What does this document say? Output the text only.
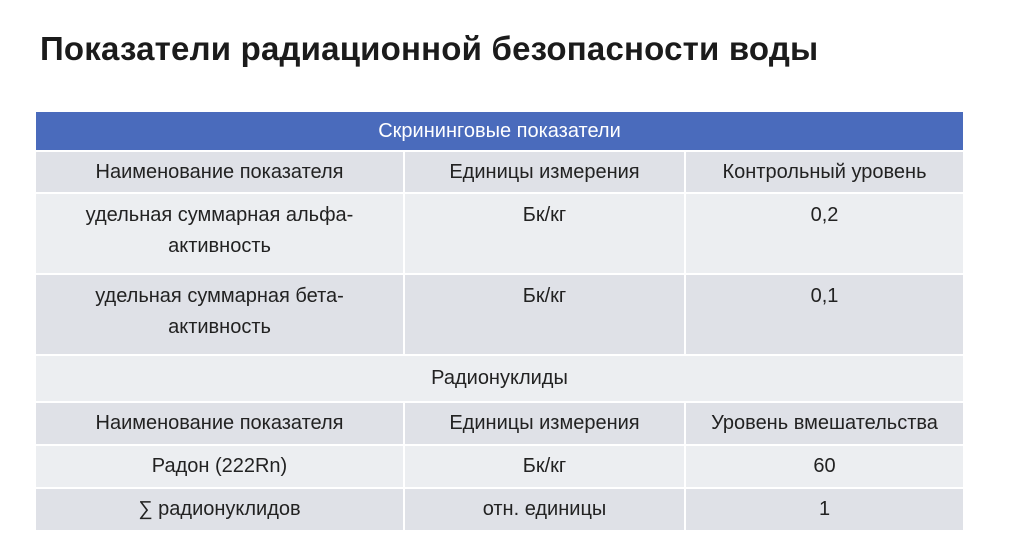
Показатели радиационной безопасности воды
Скрининговые показатели		
Наименование показателя	Единицы измерения	Контрольный уровень
удельная суммарная альфа-
активность	Бк/кг	0,2
удельная суммарная бета-
активность	Бк/кг	0,1
Радионуклиды		
Наименование показателя	Единицы измерения	Уровень вмешательства
Радон (222Rn)	Бк/кг	60
∑ радионуклидов	отн. единицы	1
